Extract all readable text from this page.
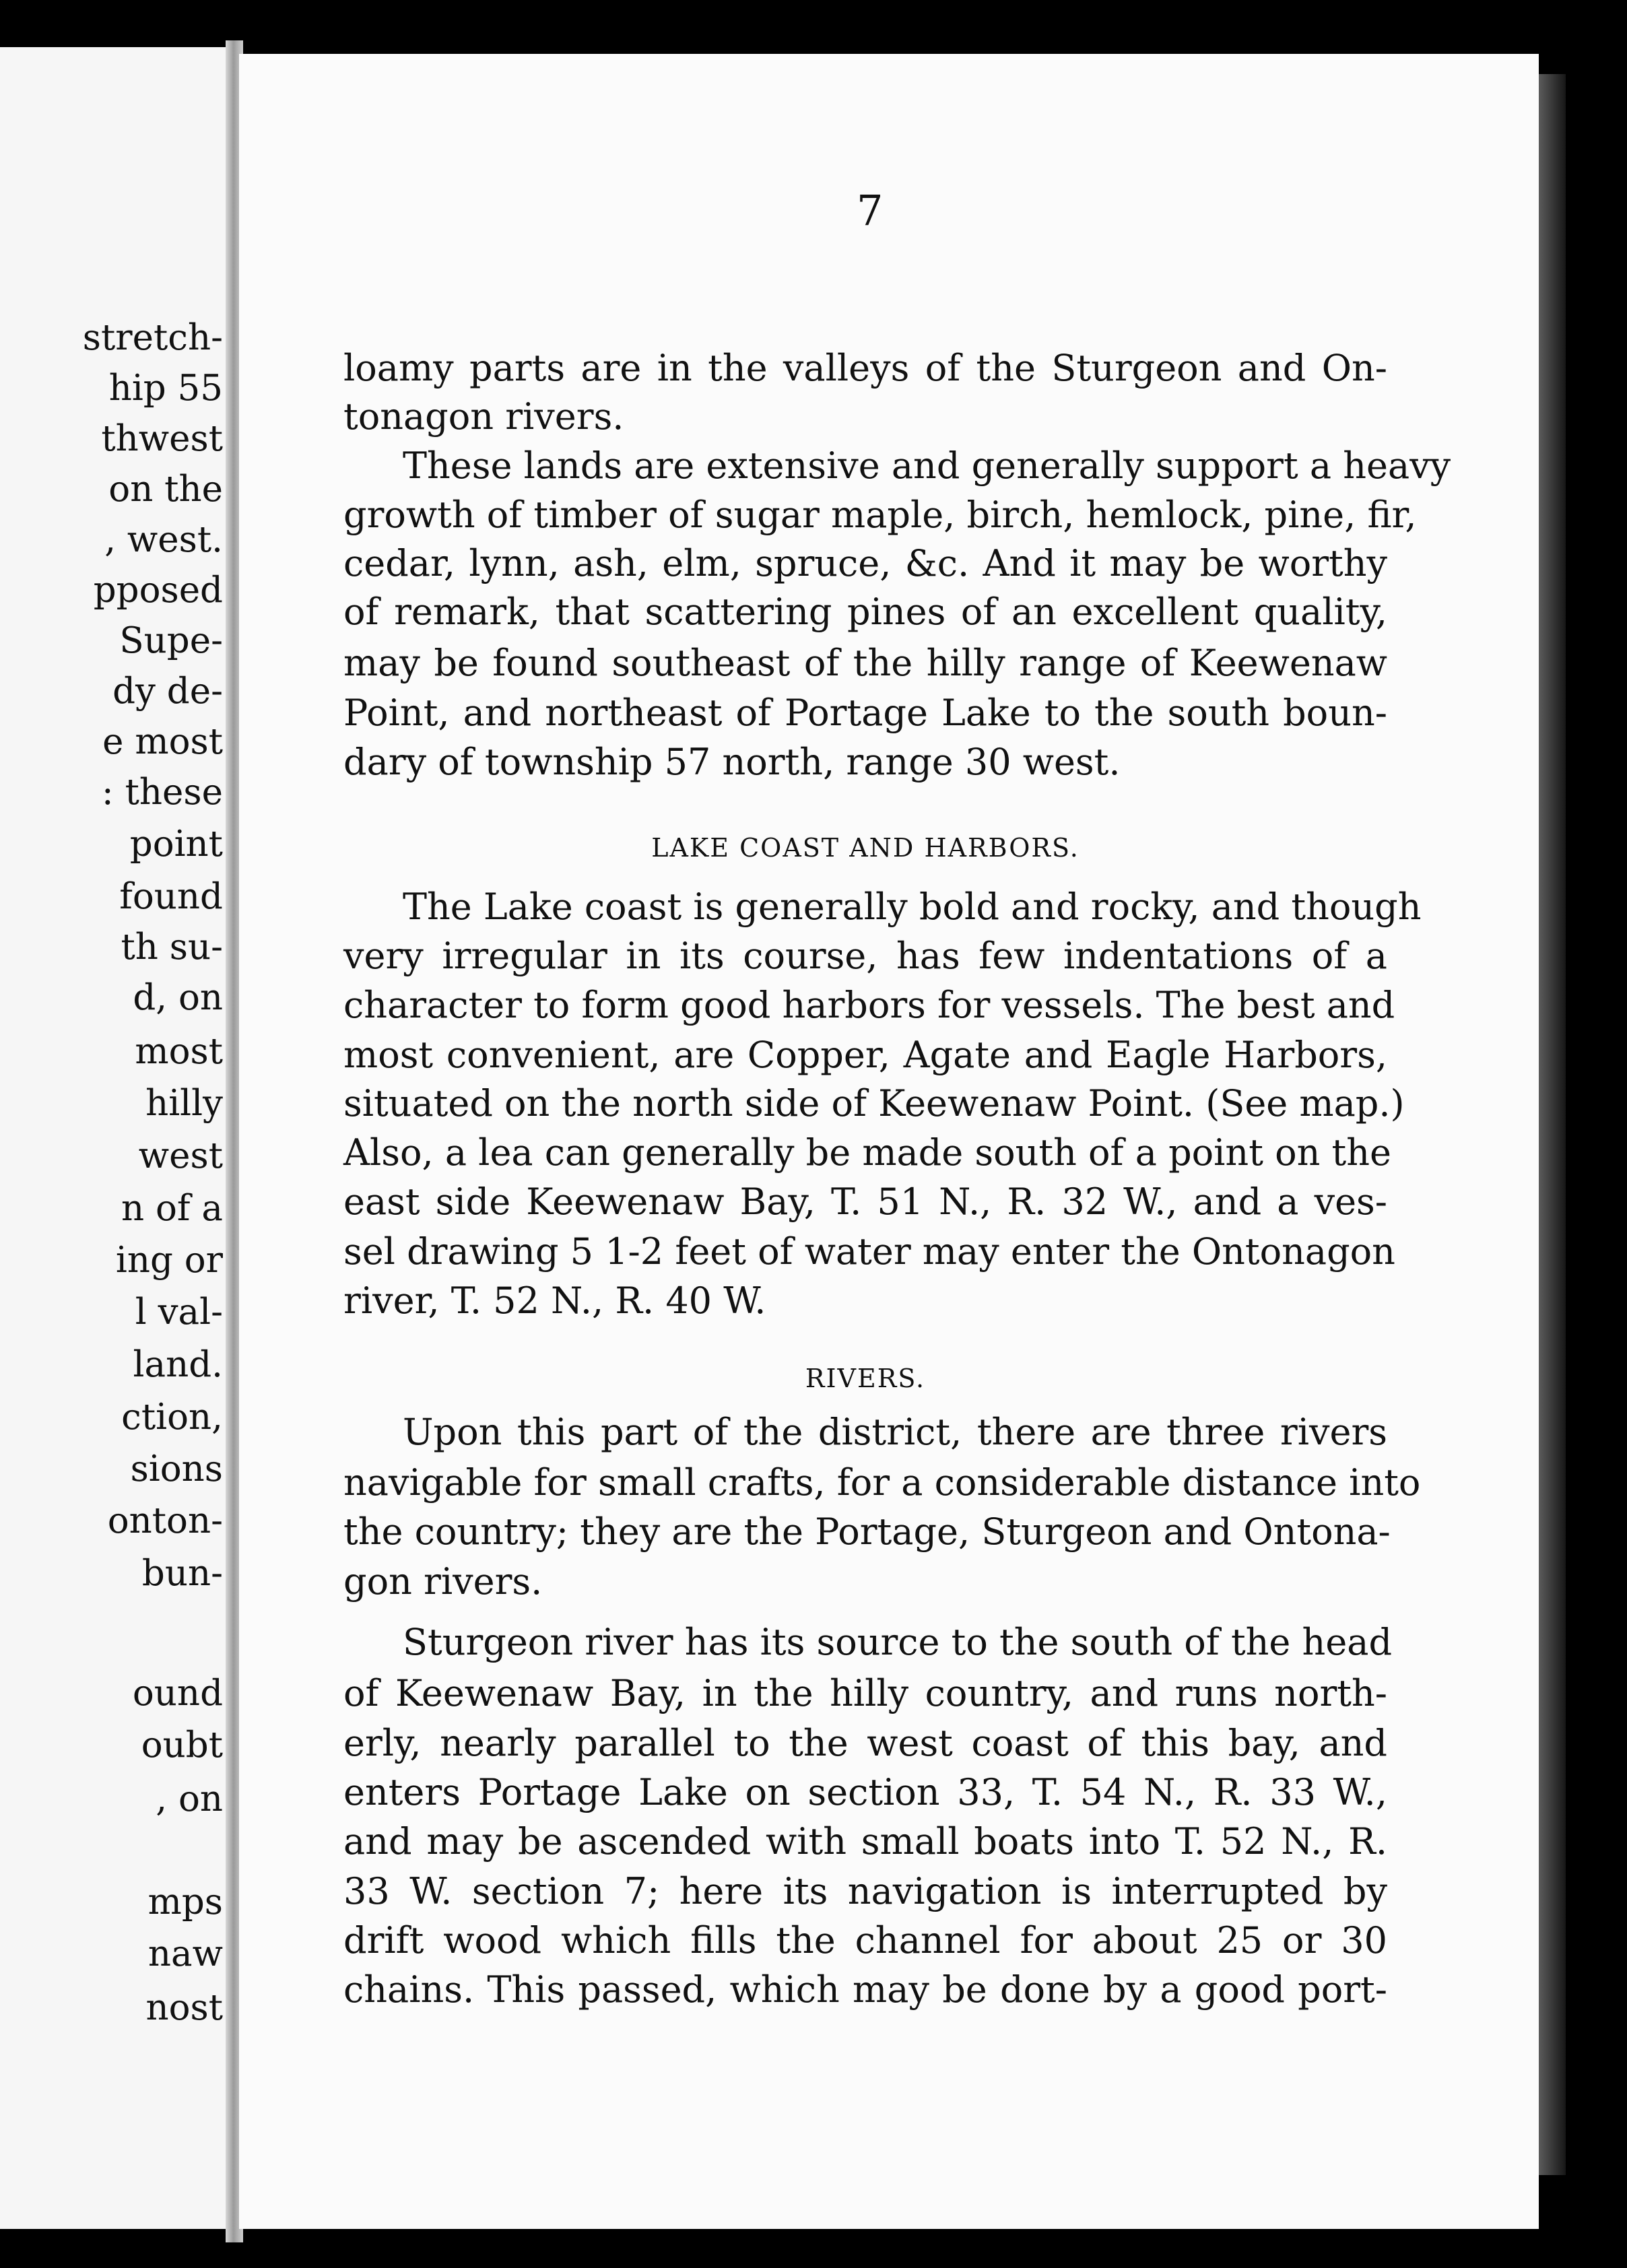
stretch-
hip 55
thwest
on the
, west.
pposed
Supe-
dy de-
e most
: these
point
found
th su-
d, on
most
hilly
west
n of a
ing or
l val-
land.
ction,
sions
onton-
bun-
ound
oubt
, on
mps
naw
nost
7
LAKE COAST AND HARBORS.
RIVERS.
loamy parts are in the valleys of the Sturgeon and On-
tonagon rivers.
These lands are extensive and generally support a heavy
growth of timber of sugar maple, birch, hemlock, pine, fir,
cedar, lynn, ash, elm, spruce, &c. And it may be worthy
of remark, that scattering pines of an excellent quality,
may be found southeast of the hilly range of Keewenaw
Point, and northeast of Portage Lake to the south boun-
dary of township 57 north, range 30 west.
The Lake coast is generally bold and rocky, and though
very irregular in its course, has few indentations of a
character to form good harbors for vessels. The best and
most convenient, are Copper, Agate and Eagle Harbors,
situated on the north side of Keewenaw Point. (See map.)
Also, a lea can generally be made south of a point on the
east side Keewenaw Bay, T. 51 N., R. 32 W., and a ves-
sel drawing 5 1-2 feet of water may enter the Ontonagon
river, T. 52 N., R. 40 W.
Upon this part of the district, there are three rivers
navigable for small crafts, for a considerable distance into
the country; they are the Portage, Sturgeon and Ontona-
gon rivers.
Sturgeon river has its source to the south of the head
of Keewenaw Bay, in the hilly country, and runs north-
erly, nearly parallel to the west coast of this bay, and
enters Portage Lake on section 33, T. 54 N., R. 33 W.,
and may be ascended with small boats into T. 52 N., R.
33 W. section 7; here its navigation is interrupted by
drift wood which fills the channel for about 25 or 30
chains. This passed, which may be done by a good port-
